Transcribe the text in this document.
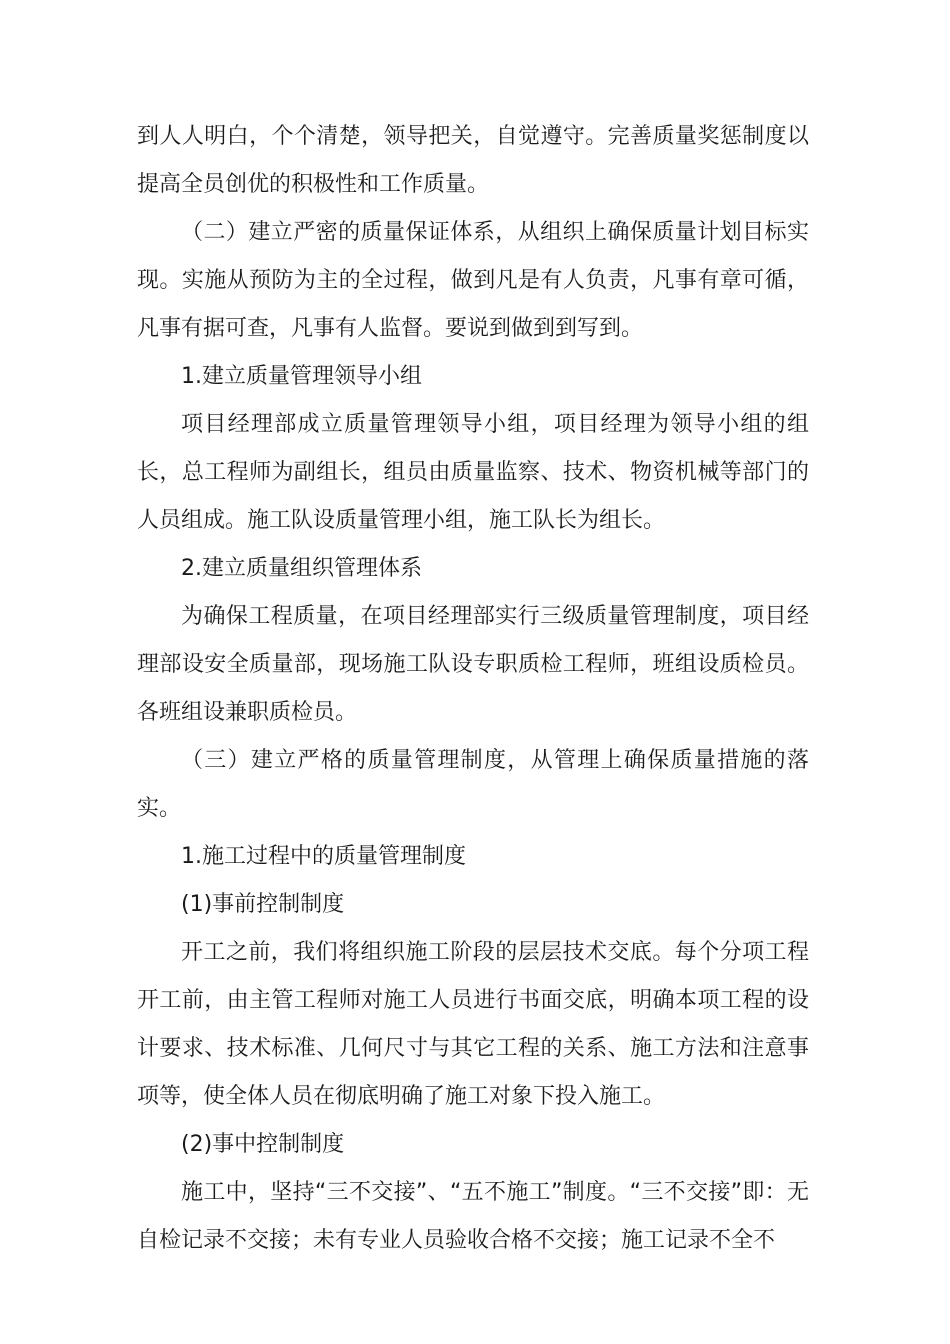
到人人明白，个个清楚，领导把关，自觉遵守。完善质量奖惩制度以提高全员创优的积极性和工作质量。

（二）建立严密的质量保证体系，从组织上确保质量计划目标实现。实施从预防为主的全过程，做到凡是有人负责，凡事有章可循，凡事有据可查，凡事有人监督。要说到做到到写到。

1.建立质量管理领导小组

项目经理部成立质量管理领导小组，项目经理为领导小组的组长，总工程师为副组长，组员由质量监察、技术、物资机械等部门的人员组成。施工队设质量管理小组，施工队长为组长。

2.建立质量组织管理体系

为确保工程质量，在项目经理部实行三级质量管理制度，项目经理部设安全质量部，现场施工队设专职质检工程师，班组设质检员。各班组设兼职质检员。

（三）建立严格的质量管理制度，从管理上确保质量措施的落实。

1.施工过程中的质量管理制度

(1)事前控制制度

开工之前，我们将组织施工阶段的层层技术交底。每个分项工程开工前，由主管工程师对施工人员进行书面交底，明确本项工程的设计要求、技术标准、几何尺寸与其它工程的关系、施工方法和注意事项等，使全体人员在彻底明确了施工对象下投入施工。

(2)事中控制制度

施工中，坚持“三不交接”、“五不施工”制度。“三不交接”即：无自检记录不交接；未有专业人员验收合格不交接；施工记录不全不
